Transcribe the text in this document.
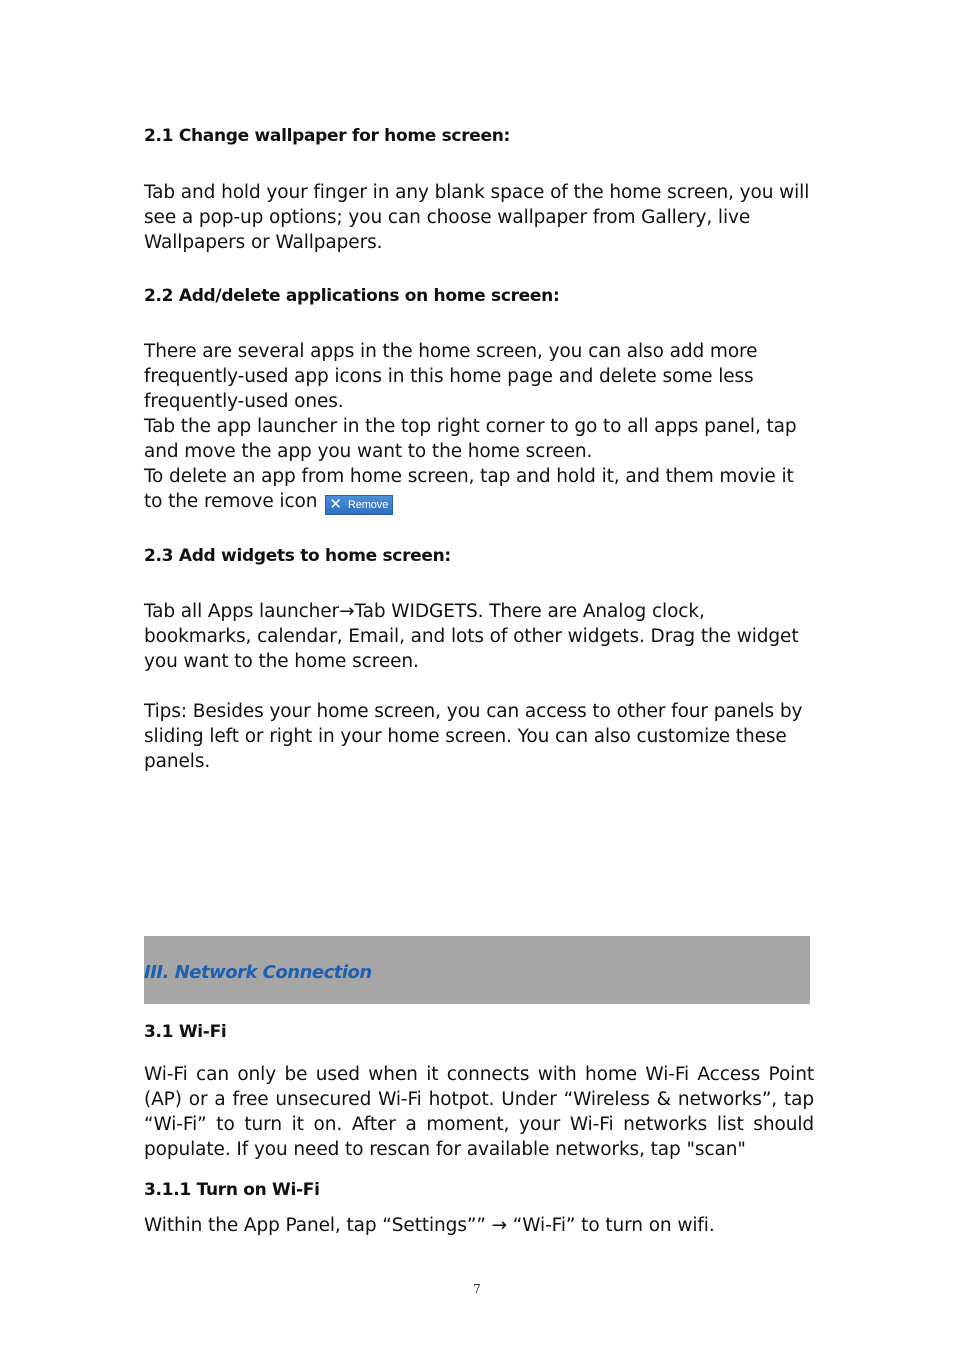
2.1 Change wallpaper for home screen:

Tab and hold your finger in any blank space of the home screen, you will see a pop-up options; you can choose wallpaper from Gallery, live Wallpapers or Wallpapers.

2.2 Add/delete applications on home screen:

There are several apps in the home screen, you can also add more frequently-used app icons in this home page and delete some less frequently-used ones.

Tab the app launcher in the top right corner to go to all apps panel, tap and move the app you want to the home screen.

To delete an app from home screen, tap and hold it, and them movie it to the remove icon ✕ Remove

2.3 Add widgets to home screen:

Tab all Apps launcher→Tab WIDGETS. There are Analog clock, bookmarks, calendar, Email, and lots of other widgets. Drag the widget you want to the home screen.

Tips: Besides your home screen, you can access to other four panels by sliding left or right in your home screen. You can also customize these panels.

III. Network Connection
3.1 Wi-Fi

Wi-Fi can only be used when it connects with home Wi-Fi Access Point (AP) or a free unsecured Wi-Fi hotpot. Under “Wireless & networks”, tap “Wi-Fi” to turn it on. After a moment, your Wi-Fi networks list should populate. If you need to rescan for available networks, tap "scan"

3.1.1 Turn on Wi-Fi

Within the App Panel, tap “Settings”” → “Wi-Fi” to turn on wifi.

7
